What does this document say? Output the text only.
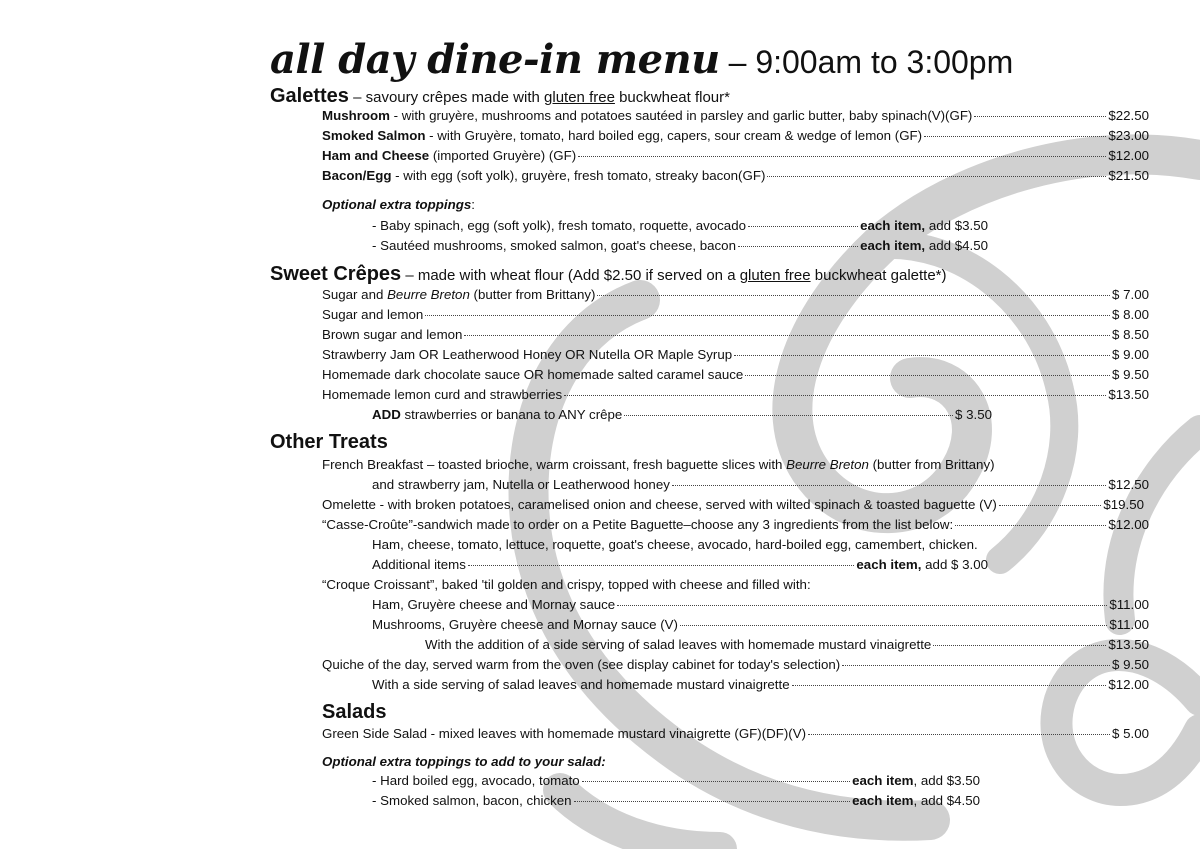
all day dine-in menu – 9:00am to 3:00pm
Galettes – savoury crêpes made with gluten free buckwheat flour*
Mushroom - with gruyère, mushrooms and potatoes sautéed in parsley and garlic butter, baby spinach(V)(GF)	$22.50
Smoked Salmon - with Gruyère, tomato, hard boiled egg, capers, sour cream & wedge of lemon (GF)	$23.00
Ham and Cheese (imported Gruyère) (GF)	$12.00
Bacon/Egg - with egg (soft yolk), gruyère, fresh tomato, streaky bacon(GF)	$21.50
Optional extra toppings:
- Baby spinach, egg (soft yolk), fresh tomato, roquette, avocado	each item, add $3.50
- Sautéed mushrooms, smoked salmon, goat's cheese, bacon	each item, add $4.50
Sweet Crêpes – made with wheat flour (Add $2.50 if served on a gluten free buckwheat galette*)
Sugar and Beurre Breton (butter from Brittany)	$ 7.00
Sugar and lemon	$ 8.00
Brown sugar and lemon	$ 8.50
Strawberry Jam OR Leatherwood Honey OR Nutella OR Maple Syrup	$ 9.00
Homemade dark chocolate sauce OR homemade salted caramel sauce	$ 9.50
Homemade lemon curd and strawberries	$13.50
ADD strawberries or banana to ANY crêpe	$ 3.50
Other Treats
French Breakfast – toasted brioche, warm croissant, fresh baguette slices with Beurre Breton (butter from Brittany)
and strawberry jam, Nutella or Leatherwood honey	$12.50
Omelette - with broken potatoes, caramelised onion and cheese, served with wilted spinach & toasted baguette (V)	$19.50
“Casse-Croûte”-sandwich made to order on a Petite Baguette–choose any 3 ingredients from the list below:	$12.00
Ham, cheese, tomato, lettuce, roquette, goat's cheese, avocado, hard-boiled egg, camembert, chicken.
Additional items	each item, add $ 3.00
“Croque Croissant”, baked 'til golden and crispy, topped with cheese and filled with:
Ham, Gruyère cheese and Mornay sauce	$11.00
Mushrooms, Gruyère cheese and Mornay sauce (V)	$11.00
With the addition of a side serving of salad leaves with homemade mustard vinaigrette	$13.50
Quiche of the day, served warm from the oven (see display cabinet for today's selection)	$ 9.50
With a side serving of salad leaves and homemade mustard vinaigrette	$12.00
Salads
Green Side Salad - mixed leaves with homemade mustard vinaigrette (GF)(DF)(V)	$ 5.00
Optional extra toppings to add to your salad:
- Hard boiled egg, avocado, tomato	each item, add $3.50
- Smoked salmon, bacon, chicken	each item, add $4.50
